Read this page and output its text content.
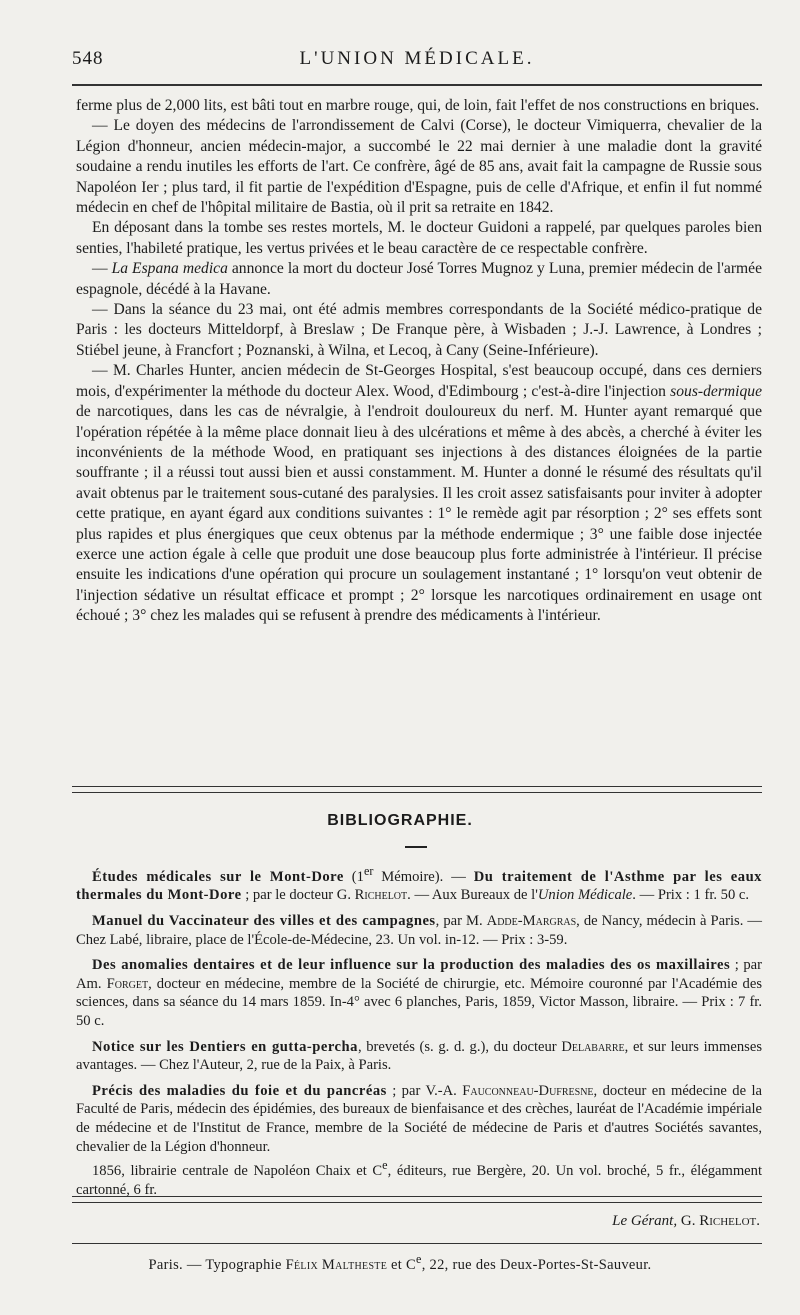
548	L'UNION MÉDICALE.

ferme plus de 2,000 lits, est bâti tout en marbre rouge, qui, de loin, fait l'effet de nos constructions en briques.

— Le doyen des médecins de l'arrondissement de Calvi (Corse), le docteur Vimiquerra, chevalier de la Légion d'honneur, ancien médecin-major, a succombé le 22 mai dernier à une maladie dont la gravité soudaine a rendu inutiles les efforts de l'art. Ce confrère, âgé de 85 ans, avait fait la campagne de Russie sous Napoléon Ier ; plus tard, il fit partie de l'expédition d'Espagne, puis de celle d'Afrique, et enfin il fut nommé médecin en chef de l'hôpital militaire de Bastia, où il prit sa retraite en 1842.

En déposant dans la tombe ses restes mortels, M. le docteur Guidoni a rappelé, par quelques paroles bien senties, l'habileté pratique, les vertus privées et le beau caractère de ce respectable confrère.

— La Espana medica annonce la mort du docteur José Torres Mugnoz y Luna, premier médecin de l'armée espagnole, décédé à la Havane.

— Dans la séance du 23 mai, ont été admis membres correspondants de la Société médico-pratique de Paris : les docteurs Mitteldorpf, à Breslaw ; De Franque père, à Wisbaden ; J.-J. Lawrence, à Londres ; Stiébel jeune, à Francfort ; Poznanski, à Wilna, et Lecoq, à Cany (Seine-Inférieure).

— M. Charles Hunter, ancien médecin de St-Georges Hospital, s'est beaucoup occupé, dans ces derniers mois, d'expérimenter la méthode du docteur Alex. Wood, d'Edimbourg ; c'est-à-dire l'injection sous-dermique de narcotiques, dans les cas de névralgie, à l'endroit douloureux du nerf. M. Hunter ayant remarqué que l'opération répétée à la même place donnait lieu à des ulcérations et même à des abcès, a cherché à éviter les inconvénients de la méthode Wood, en pratiquant ses injections à des distances éloignées de la partie souffrante ; il a réussi tout aussi bien et aussi constamment. M. Hunter a donné le résumé des résultats qu'il avait obtenus par le traitement sous-cutané des paralysies. Il les croit assez satisfaisants pour inviter à adopter cette pratique, en ayant égard aux conditions suivantes : 1° le remède agit par résorption ; 2° ses effets sont plus rapides et plus énergiques que ceux obtenus par la méthode endermique ; 3° une faible dose injectée exerce une action égale à celle que produit une dose beaucoup plus forte administrée à l'intérieur. Il précise ensuite les indications d'une opération qui procure un soulagement instantané ; 1° lorsqu'on veut obtenir de l'injection sédative un résultat efficace et prompt ; 2° lorsque les narcotiques ordinairement en usage ont échoué ; 3° chez les malades qui se refusent à prendre des médicaments à l'intérieur.

BIBLIOGRAPHIE.

Études médicales sur le Mont-Dore (1er Mémoire). — Du traitement de l'Asthme par les eaux thermales du Mont-Dore ; par le docteur G. Richelot. — Aux Bureaux de l'Union Médicale. — Prix : 1 fr. 50 c.

Manuel du Vaccinateur des villes et des campagnes, par M. Adde-Margras, de Nancy, médecin à Paris. — Chez Labé, libraire, place de l'École-de-Médecine, 23. Un vol. in-12. — Prix : 3-59.

Des anomalies dentaires et de leur influence sur la production des maladies des os maxillaires ; par Am. Forget, docteur en médecine, membre de la Société de chirurgie, etc. Mémoire couronné par l'Académie des sciences, dans sa séance du 14 mars 1859. In-4° avec 6 planches, Paris, 1859, Victor Masson, libraire. — Prix : 7 fr. 50 c.

Notice sur les Dentiers en gutta-percha, brevetés (s. g. d. g.), du docteur Delabarre, et sur leurs immenses avantages. — Chez l'Auteur, 2, rue de la Paix, à Paris.

Précis des maladies du foie et du pancréas ; par V.-A. Fauconneau-Dufresne, docteur en médecine de la Faculté de Paris, médecin des épidémies, des bureaux de bienfaisance et des crèches, lauréat de l'Académie impériale de médecine et de l'Institut de France, membre de la Société de médecine de Paris et d'autres Sociétés savantes, chevalier de la Légion d'honneur.

1856, librairie centrale de Napoléon Chaix et Ce, éditeurs, rue Bergère, 20. Un vol. broché, 5 fr., élégamment cartonné, 6 fr.

Le Gérant, G. Richelot.
Paris. — Typographie Félix Maltheste et Ce, 22, rue des Deux-Portes-St-Sauveur.
